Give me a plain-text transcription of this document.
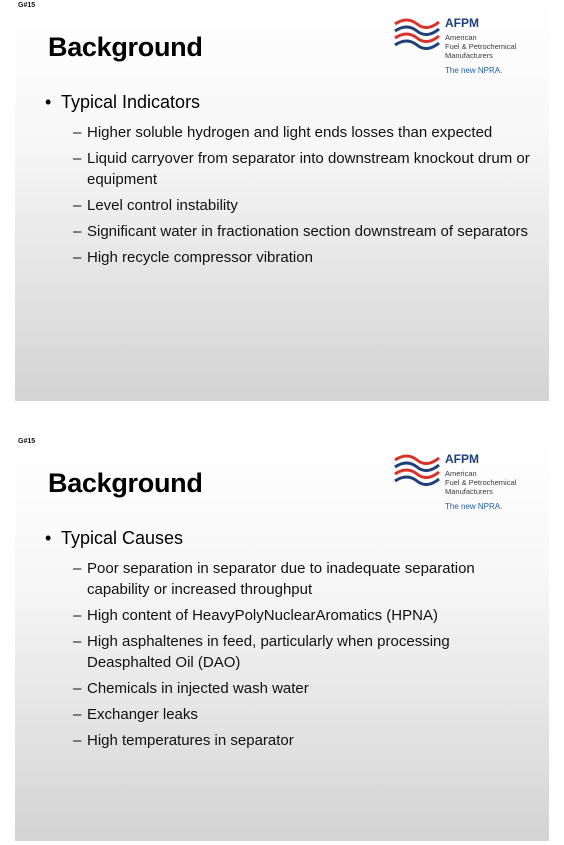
G#15
Background
AFPM
American
Fuel & Petrochemical
Manufacturers
The new NPRA.
• Typical Indicators
– Higher soluble hydrogen and light ends losses than expected
– Liquid carryover from separator into downstream knockout drum or equipment
– Level control instability
– Significant water in fractionation section downstream of separators
– High recycle compressor vibration
G#15
Background
AFPM
American
Fuel & Petrochemical
Manufacturers
The new NPRA.
• Typical Causes
– Poor separation in separator due to inadequate separation capability or increased throughput
– High content of HeavyPolyNuclearAromatics (HPNA)
– High asphaltenes in feed, particularly when processing Deasphalted Oil (DAO)
– Chemicals in injected wash water
– Exchanger leaks
– High temperatures in separator
